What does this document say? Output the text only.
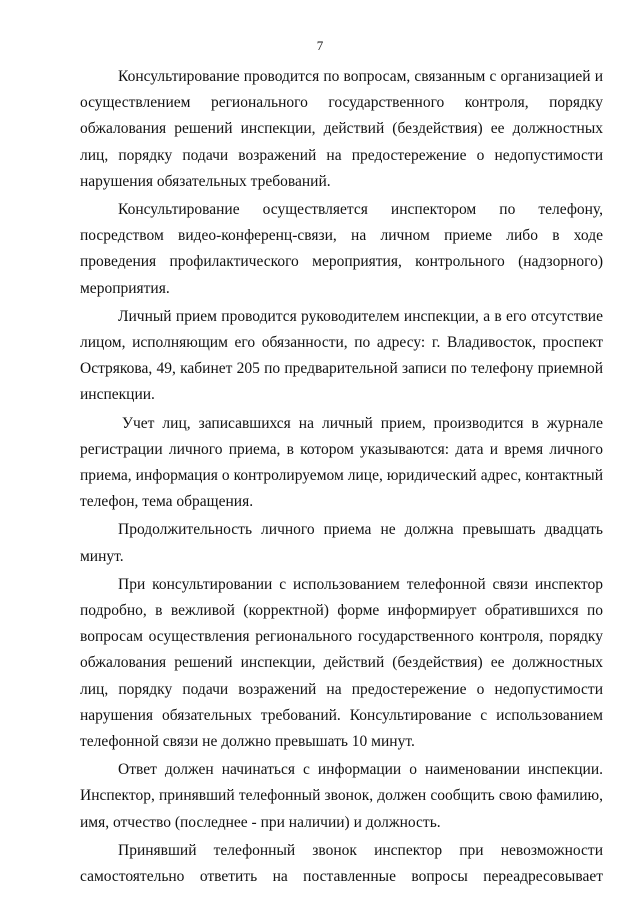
7

Консультирование проводится по вопросам, связанным с организацией и осуществлением регионального государственного контроля, порядку обжалования решений инспекции, действий (бездействия) ее должностных лиц, порядку подачи возражений на предостережение о недопустимости нарушения обязательных требований.

Консультирование осуществляется инспектором по телефону, посредством видео-конференц-связи, на личном приеме либо в ходе проведения профилактического мероприятия, контрольного (надзорного) мероприятия.

Личный прием проводится руководителем инспекции, а в его отсутствие лицом, исполняющим его обязанности, по адресу: г. Владивосток, проспект Острякова, 49, кабинет 205 по предварительной записи по телефону приемной инспекции.

Учет лиц, записавшихся на личный прием, производится в журнале регистрации личного приема, в котором указываются: дата и время личного приема, информация о контролируемом лице, юридический адрес, контактный телефон, тема обращения.

Продолжительность личного приема не должна превышать двадцать минут.

При консультировании с использованием телефонной связи инспектор подробно, в вежливой (корректной) форме информирует обратившихся по вопросам осуществления регионального государственного контроля, порядку обжалования решений инспекции, действий (бездействия) ее должностных лиц, порядку подачи возражений на предостережение о недопустимости нарушения обязательных требований. Консультирование с использованием телефонной связи не должно превышать 10 минут.

Ответ должен начинаться с информации о наименовании инспекции. Инспектор, принявший телефонный звонок, должен сообщить свою фамилию, имя, отчество (последнее - при наличии) и должность.

Принявший телефонный звонок инспектор при невозможности самостоятельно ответить на поставленные вопросы переадресовывает
